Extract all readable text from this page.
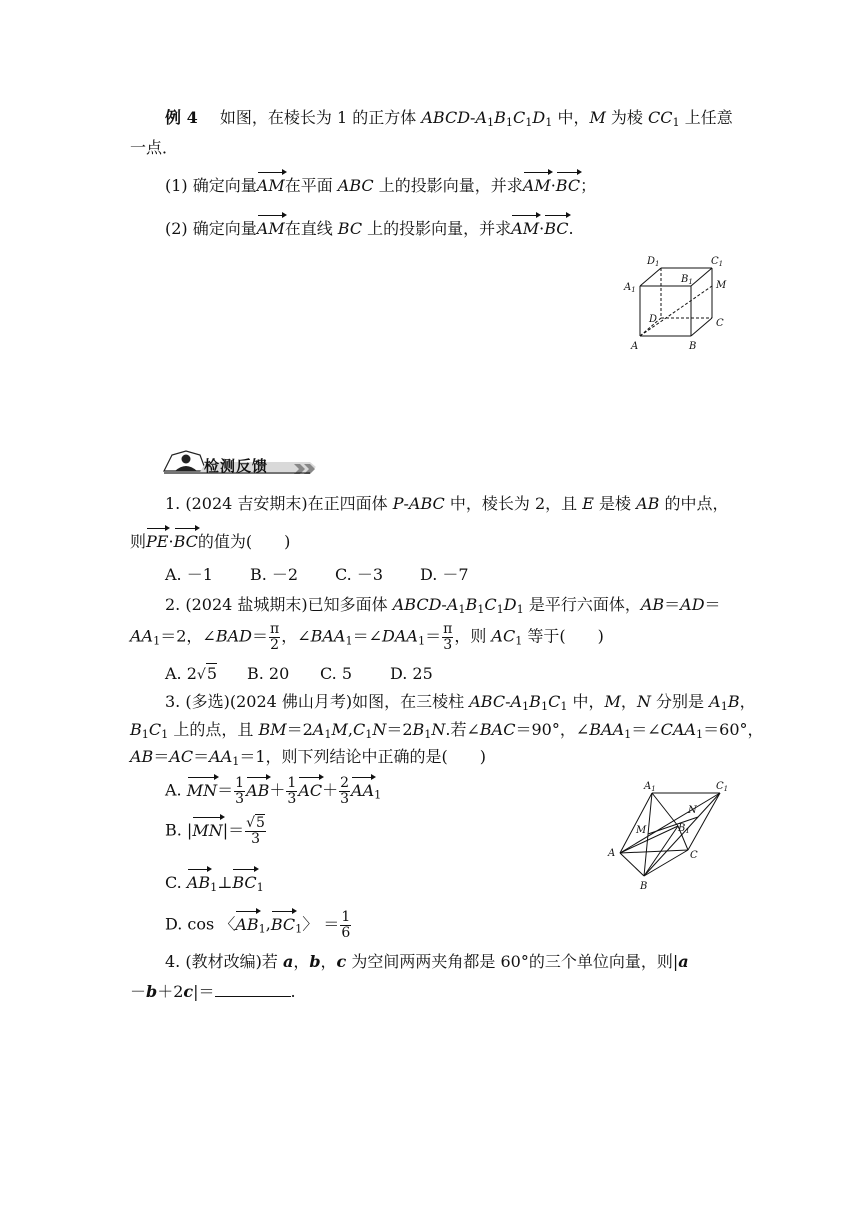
例 4 如图，在棱长为 1 的正方体 ABCD-$A_1B_1C_1D_1$ 中，M 为棱 $CC_1$ 上任意
一点．
(1) 确定向量AM在平面 ABC 上的投影向量，并求AM·BC；
(2) 确定向量AM在直线 BC 上的投影向量，并求AM·BC.
$D_1$	$C_1$
$B_1$
$A_1$	M
D	C
A	B
检测反馈
1. (2024 吉安期末)在正四面体 P-ABC 中，棱长为 2，且 E 是棱 AB 的中点，
则PE·BC的值为(　　)
A. －1 B. －2 C. －3 D. －7
2. (2024 盐城期末)已知多面体 ABCD-$A_1B_1C_1D_1$ 是平行六面体，AB＝AD＝
$AA_1=2$，∠BAD＝ $\frac{\pi}{2}$ ，$\angle BAA_1=\angle DAA_1= \frac{\pi}{3}$ ，则 $AC_1$ 等于(　　)
A. 2√5 B. 20 C. 5 D. 25
3. (多选)(2024 佛山月考)如图，在三棱柱 ABC-$A_1B_1C_1$ 中，M，N 分别是 $A_1B$，
$B_1C_1$ 上的点，且 $BM=2A_1M,C_1N=2B_1N$.若∠BAC＝90°，$\angle BAA_1=\angle CAA_1=60^\circ$，
$AB=AC=AA_1=1$，则下列结论中正确的是(　　)
A. $MN= \frac{1}{3} AB+ \frac{1}{3} AC+ \frac{2}{3} AA_1$
B. $|MN|= \frac{√5}{3}$
C. $AB_1\perp BC_1$
D. cos 〈$AB_1,BC_1$〉 ＝ $\frac{1}{6}$
$A_1$	$C_1$
N
M	$B_1$
A	C
B
4. (教材改编)若 a，b，c 为空间两两夹角都是 60°的三个单位向量，则|a
－b＋2c|＝	.
